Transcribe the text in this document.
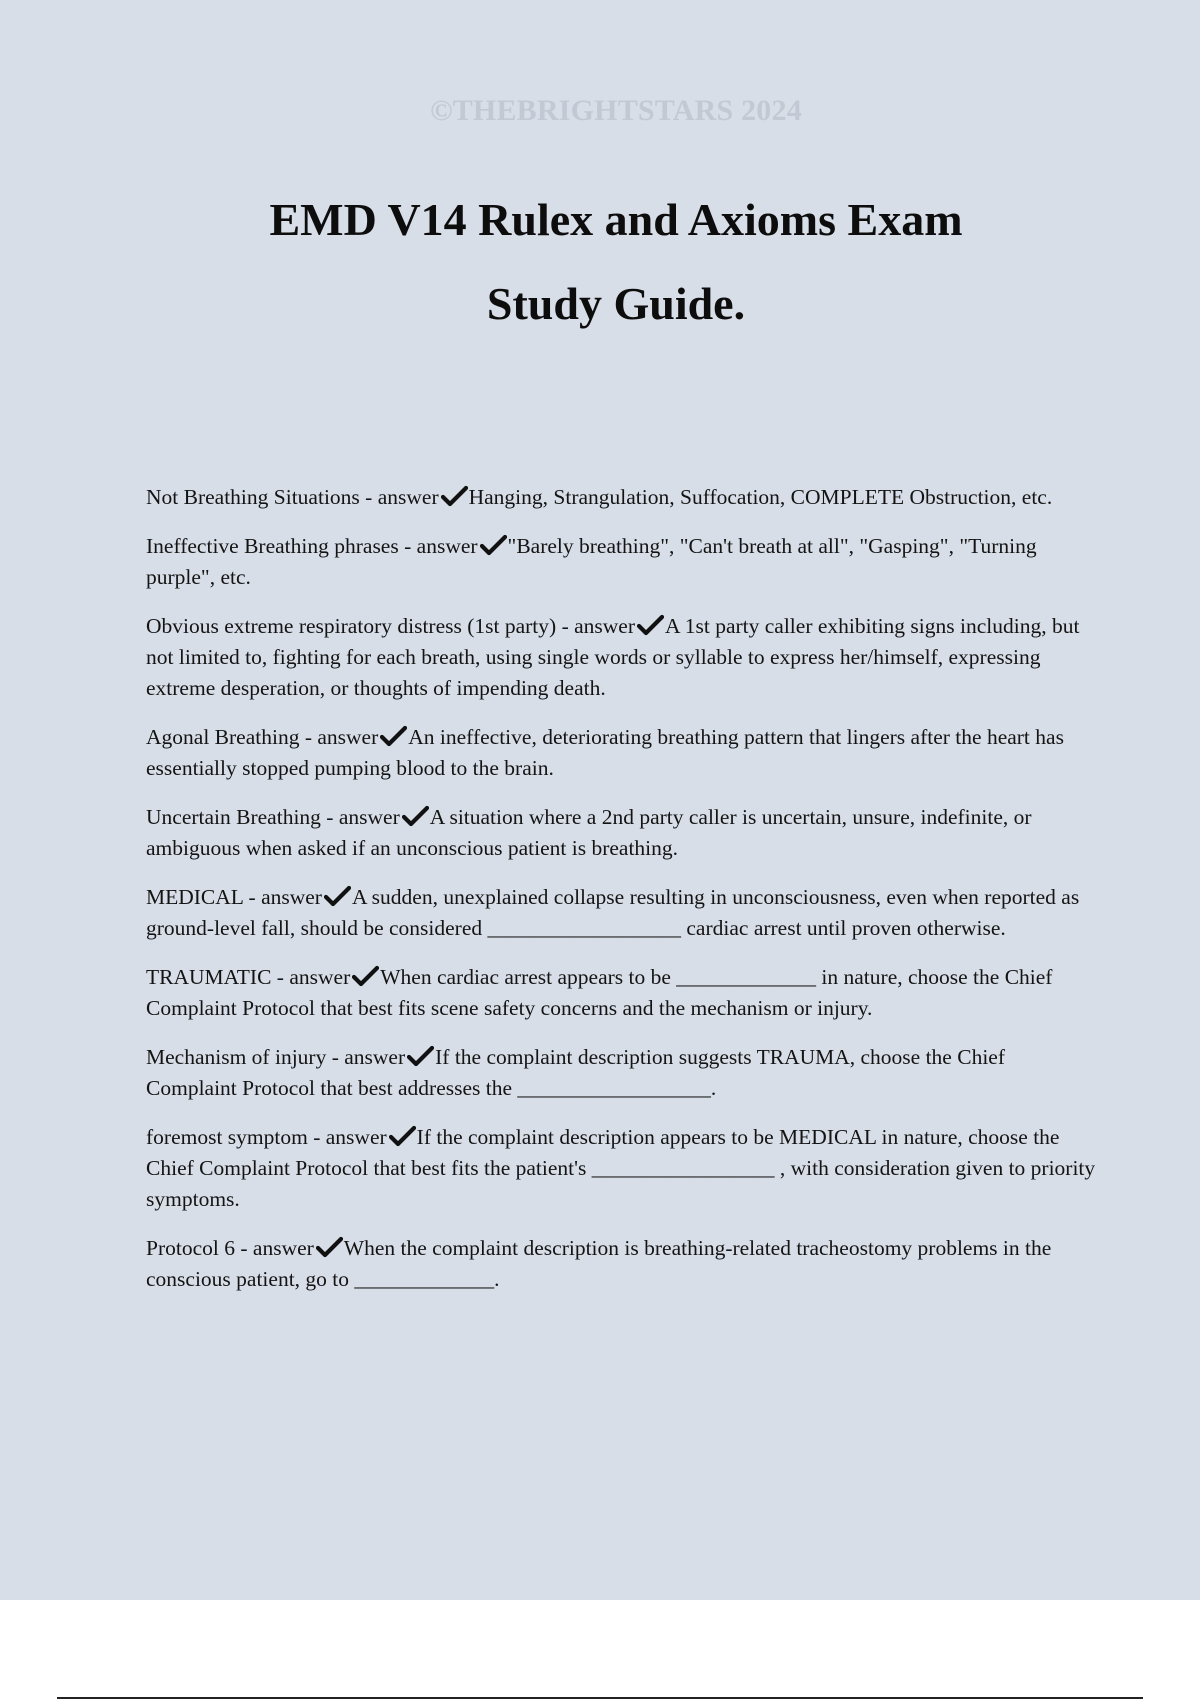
©THEBRIGHTSTARS 2024
EMD V14 Rulex and Axioms Exam
Study Guide.

Not Breathing Situations - answer Hanging, Strangulation, Suffocation, COMPLETE Obstruction, etc.

Ineffective Breathing phrases - answer "Barely breathing", "Can't breath at all", "Gasping", "Turning purple", etc.

Obvious extreme respiratory distress (1st party) - answer A 1st party caller exhibiting signs including, but not limited to, fighting for each breath, using single words or syllable to express her/himself, expressing extreme desperation, or thoughts of impending death.

Agonal Breathing - answer An ineffective, deteriorating breathing pattern that lingers after the heart has essentially stopped pumping blood to the brain.

Uncertain Breathing - answer A situation where a 2nd party caller is uncertain, unsure, indefinite, or ambiguous when asked if an unconscious patient is breathing.

MEDICAL - answer A sudden, unexplained collapse resulting in unconsciousness, even when reported as ground-level fall, should be considered __________________ cardiac arrest until proven otherwise.

TRAUMATIC - answer When cardiac arrest appears to be _____________ in nature, choose the Chief Complaint Protocol that best fits scene safety concerns and the mechanism or injury.

Mechanism of injury - answer If the complaint description suggests TRAUMA, choose the Chief Complaint Protocol that best addresses the __________________.

foremost symptom - answer If the complaint description appears to be MEDICAL in nature, choose the Chief Complaint Protocol that best fits the patient's _________________ , with consideration given to priority symptoms.

Protocol 6 - answer When the complaint description is breathing-related tracheostomy problems in the conscious patient, go to _____________.
